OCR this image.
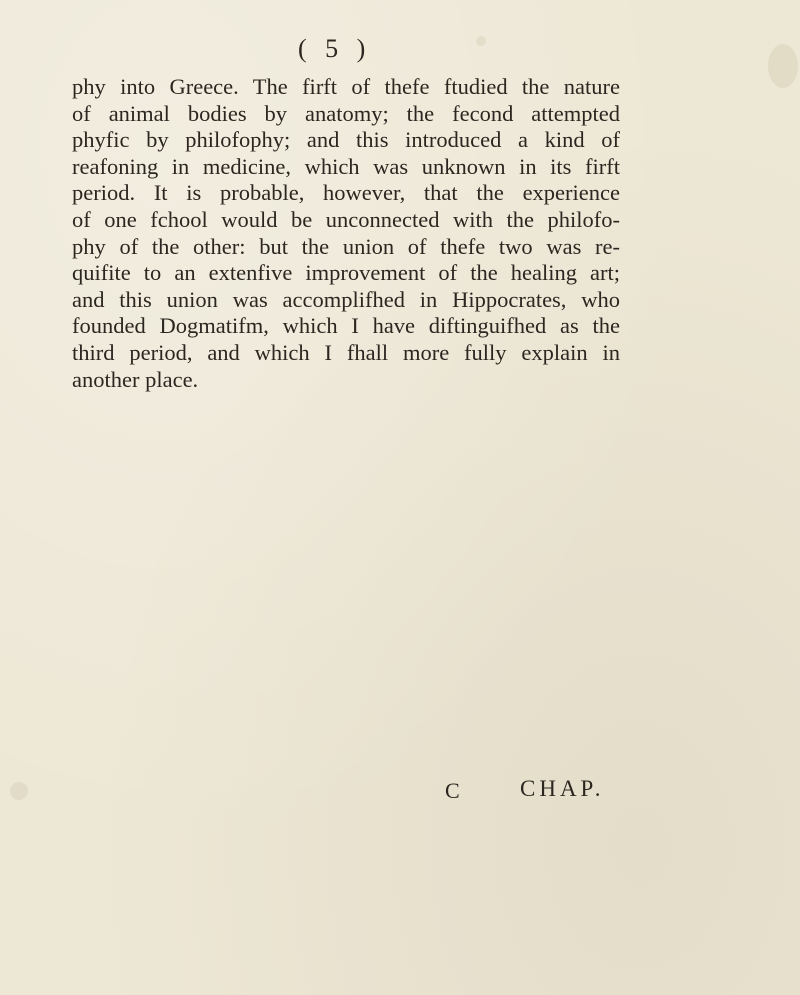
( 5 )
phy into Greece. The firft of thefe ftudied the nature
of animal bodies by anatomy; the fecond attempted
phyfic by philofophy; and this introduced a kind of
reafoning in medicine, which was unknown in its firft
period. It is probable, however, that the experience
of one fchool would be unconnected with the philofo-
phy of the other: but the union of thefe two was re-
quifite to an extenfive improvement of the healing art;
and this union was accomplifhed in Hippocrates, who
founded Dogmatifm, which I have diftinguifhed as the
third period, and which I fhall more fully explain in
another place.
C	CHAP.
